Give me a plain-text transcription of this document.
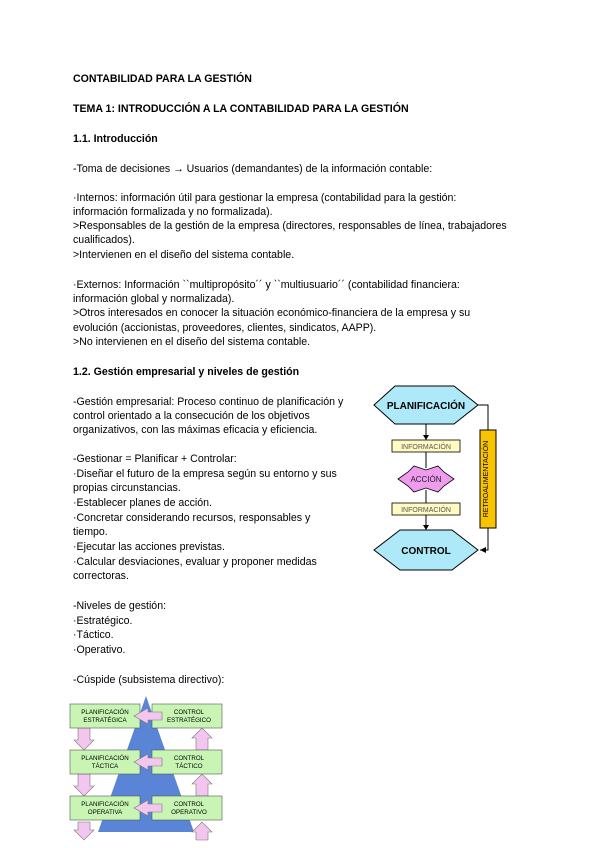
CONTABILIDAD PARA LA GESTIÓN
TEMA 1: INTRODUCCIÓN A LA CONTABILIDAD PARA LA GESTIÓN
1.1. Introducción
-Toma de decisiones → Usuarios (demandantes) de la información contable:
·Internos: información útil para gestionar la empresa (contabilidad para la gestión:
información formalizada y no formalizada).
>Responsables de la gestión de la empresa (directores, responsables de línea, trabajadores
cualificados).
>Intervienen en el diseño del sistema contable.
·Externos: Información ``multipropósito´´ y ``multiusuario´´ (contabilidad financiera:
información global y normalizada).
>Otros interesados en conocer la situación económico-financiera de la empresa y su
evolución (accionistas, proveedores, clientes, sindicatos, AAPP).
>No intervienen en el diseño del sistema contable.
1.2. Gestión empresarial y niveles de gestión
-Gestión empresarial: Proceso continuo de planificación y
control orientado a la consecución de los objetivos
organizativos, con las máximas eficacia y eficiencia.
-Gestionar = Planificar + Controlar:
·Diseñar el futuro de la empresa según su entorno y sus
propias circunstancias.
·Establecer planes de acción.
·Concretar considerando recursos, responsables y
tiempo.
·Ejecutar las acciones previstas.
·Calcular desviaciones, evaluar y proponer medidas
correctoras.
-Niveles de gestión:
·Estratégico.
·Táctico.
·Operativo.
-Cúspide (subsistema directivo):
RETROALIMENTACIÓN
PLANIFICACIÓN
INFORMACIÓN
ACCIÓN
INFORMACIÓN
CONTROL
PLANIFICACIÓN
ESTRATÉGICA
CONTROL
ESTRATÉGICO
PLANIFICACIÓN
TÁCTICA
CONTROL
TÁCTICO
PLANIFICACIÓN
OPERATIVA
CONTROL
OPERATIVO
